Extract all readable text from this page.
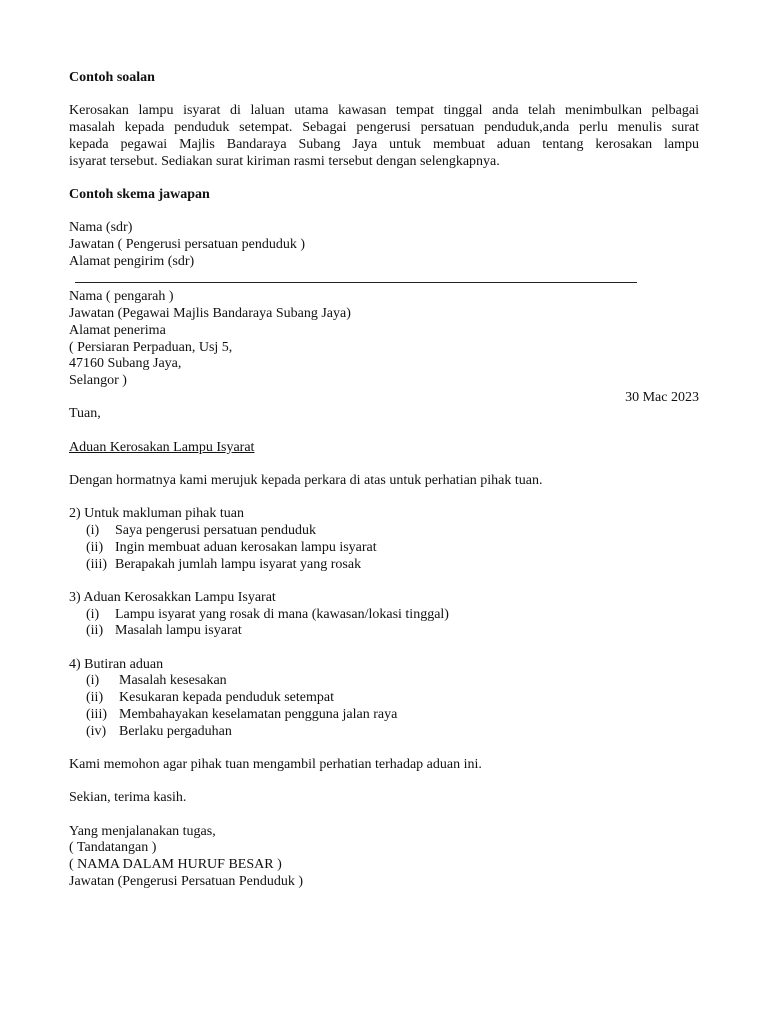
Contoh soalan

Kerosakan lampu isyarat di laluan utama kawasan tempat tinggal anda telah menimbulkan pelbagai

masalah kepada penduduk setempat. Sebagai pengerusi persatuan penduduk,anda perlu menulis surat

kepada pegawai Majlis Bandaraya Subang Jaya untuk membuat aduan tentang kerosakan lampu

isyarat tersebut. Sediakan surat kiriman rasmi tersebut dengan selengkapnya.

Contoh skema jawapan

Nama (sdr)

Jawatan ( Pengerusi persatuan penduduk )

Alamat pengirim (sdr)

Nama ( pengarah )

Jawatan (Pegawai Majlis Bandaraya Subang Jaya)

Alamat penerima

( Persiaran Perpaduan, Usj 5,

47160 Subang Jaya,

Selangor )

30 Mac 2023

Tuan,

Aduan Kerosakan Lampu Isyarat

Dengan hormatnya kami merujuk kepada perkara di atas untuk perhatian pihak tuan.

2) Untuk makluman pihak tuan

(i)	Saya pengerusi persatuan penduduk
(ii) Ingin membuat aduan kerosakan lampu isyarat
(iii) Berapakah jumlah lampu isyarat yang rosak

3) Aduan Kerosakkan Lampu Isyarat

(i)	Lampu isyarat yang rosak di mana (kawasan/lokasi tinggal)
(ii) Masalah lampu isyarat

4) Butiran aduan

(i)	Masalah kesesakan
(ii)	Kesukaran kepada penduduk setempat
(iii) Membahayakan keselamatan pengguna jalan raya
(iv) Berlaku pergaduhan

Kami memohon agar pihak tuan mengambil perhatian terhadap aduan ini.

Sekian, terima kasih.

Yang menjalanakan tugas,

( Tandatangan )

( NAMA DALAM HURUF BESAR )

Jawatan (Pengerusi Persatuan Penduduk )
